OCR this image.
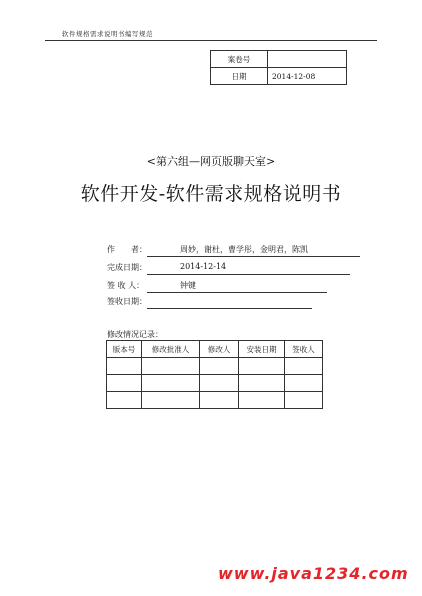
软件规格需求说明书编写规范
案卷号	
日期	2014-12-08
<第六组—网页版聊天室>
软件开发-软件需求规格说明书
作　　者：	周妙，谢杜，曹学彤，金明君，陈凯
完成日期：	2014-12-14
签 收 人：	钟键
签收日期：
修改情况记录：
版本号	修改批准人	修改人	安装日期	签收人

www.java1234.com
